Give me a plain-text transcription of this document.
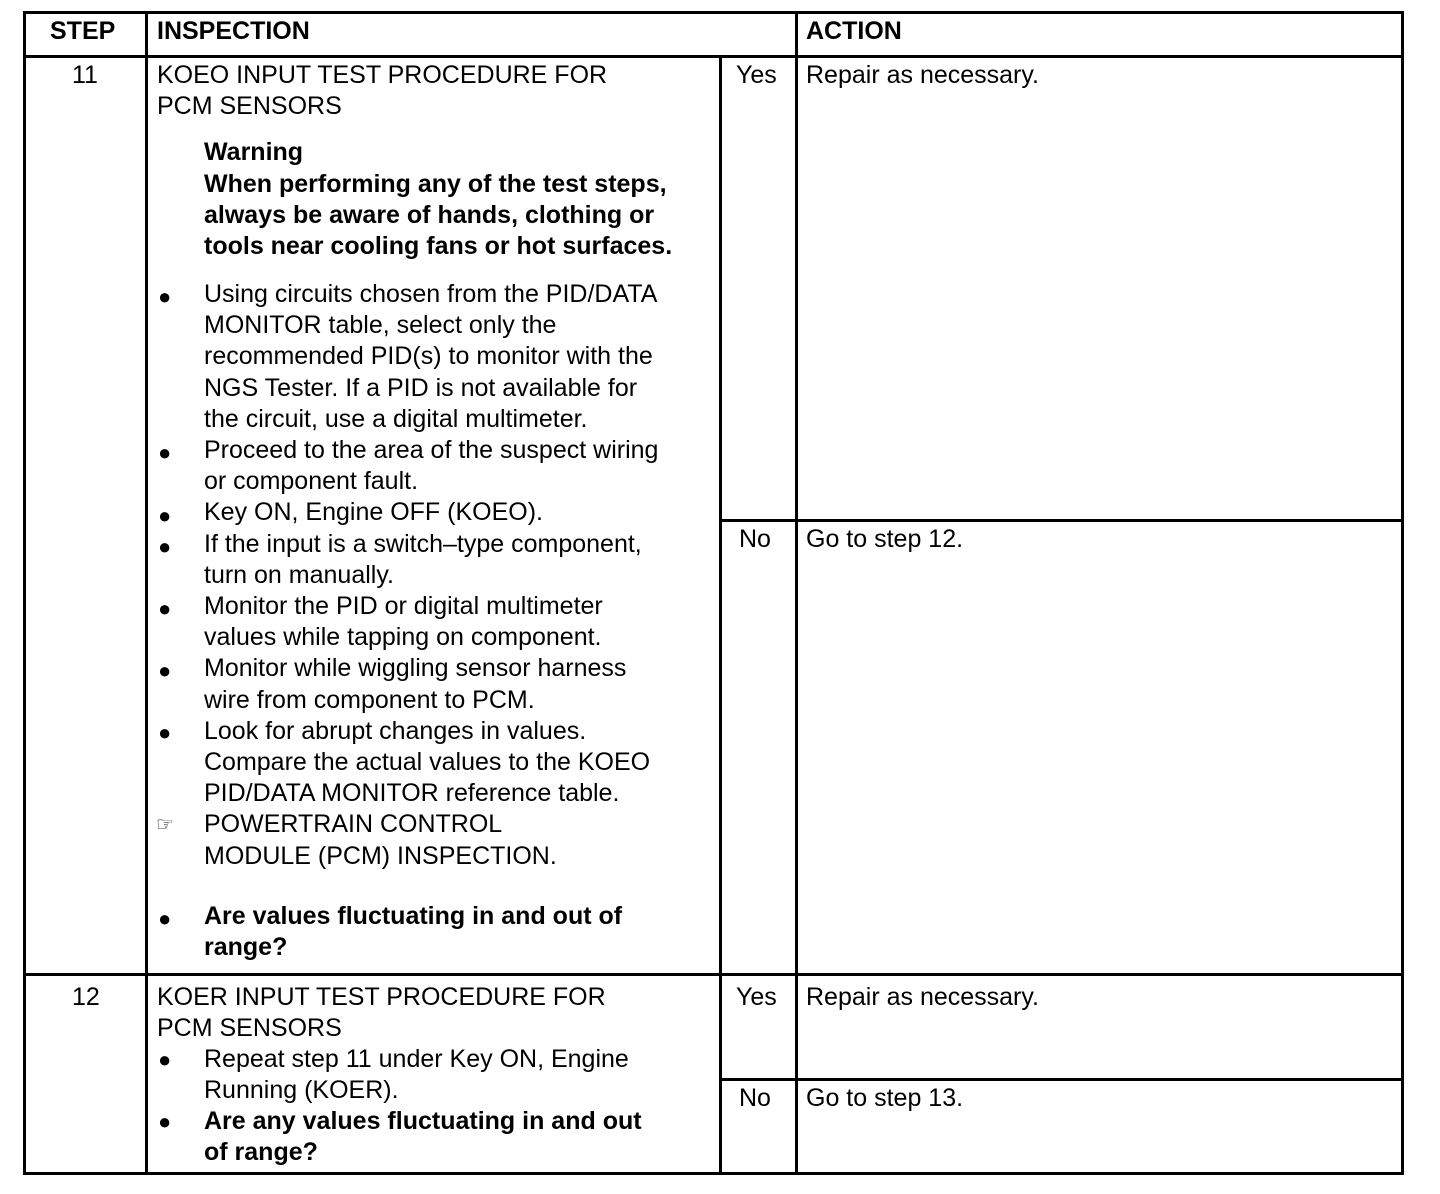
STEP INSPECTION	ACTION
11 KOEO INPUT TEST PROCEDURE FOR
PCM SENSORS
Warning
When performing any of the test steps,
always be aware of hands, clothing or
tools near cooling fans or hot surfaces.
●
●
●
●
●
●
●
☞
●
Using circuits chosen from the PID/DATA
MONITOR table, select only the
recommended PID(s) to monitor with the
NGS Tester. If a PID is not available for
the circuit, use a digital multimeter.
Proceed to the area of the suspect wiring
or component fault.
Key ON, Engine OFF (KOEO).
If the input is a switch–type component,
turn on manually.
Monitor the PID or digital multimeter
values while tapping on component.
Monitor while wiggling sensor harness
wire from component to PCM.
Look for abrupt changes in values.
Compare the actual values to the KOEO
PID/DATA MONITOR reference table.
POWERTRAIN CONTROL
MODULE (PCM) INSPECTION.
Are values fluctuating in and out of
range?
Yes Repair as necessary.
No Go to step 12.
12 KOER INPUT TEST PROCEDURE FOR
PCM SENSORS
● Repeat step 11 under Key ON, Engine
Running (KOER).
● Are any values fluctuating in and out
of range?
Yes Repair as necessary.
No Go to step 13.
